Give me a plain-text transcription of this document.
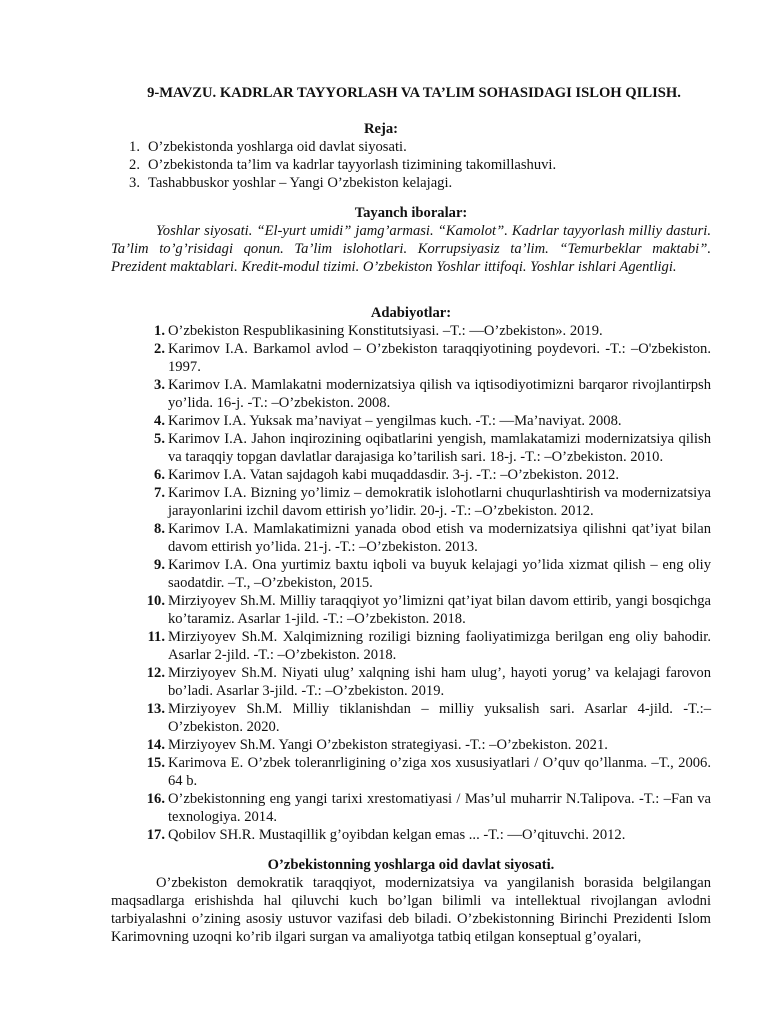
9-MAVZU. KADRLAR TAYYORLASH VA TA’LIM SOHASIDAGI ISLOH QILISH.
Reja:
1. O’zbekistonda yoshlarga oid davlat siyosati.
2. O’zbekistonda ta’lim va kadrlar tayyorlash tizimining takomillashuvi.
3. Tashabbuskor yoshlar – Yangi O’zbekiston kelajagi.
Tayanch iboralar:
Yoshlar siyosati. “El-yurt umidi” jamg’armasi. “Kamolot”. Kadrlar tayyorlash milliy dasturi. Ta’lim to’g’risidagi qonun. Ta’lim islohotlari. Korrupsiyasiz ta’lim. “Temurbeklar maktabi”. Prezident maktablari. Kredit-modul tizimi. O’zbekiston Yoshlar ittifoqi. Yoshlar ishlari Agentligi.
Adabiyotlar:
1. O’zbekiston Respublikasining Konstitutsiyasi. –T.: —O’zbekiston». 2019.
2. Karimov I.A. Barkamol avlod – O’zbekiston taraqqiyotining poydevori. -T.: –O'zbekiston. 1997.
3. Karimov I.A. Mamlakatni modernizatsiya qilish va iqtisodiyotimizni barqaror rivojlantirpsh yo’lida. 16-j. -T.: –O’zbekiston. 2008.
4. Karimov I.A. Yuksak ma’naviyat – yengilmas kuch. -T.: —Ma’naviyat. 2008.
5. Karimov I.A. Jahon inqirozining oqibatlarini yengish, mamlakatamizi modernizatsiya qilish va taraqqiy topgan davlatlar darajasiga ko’tarilish sari. 18-j. -T.: –O’zbekiston. 2010.
6. Karimov I.A. Vatan sajdagoh kabi muqaddasdir. 3-j. -T.: –O’zbekiston. 2012.
7. Karimov I.A. Bizning yo’limiz – demokratik islohotlarni chuqurlashtirish va modernizatsiya jarayonlarini izchil davom ettirish yo’lidir. 20-j. -T.: –O’zbekiston. 2012.
8. Karimov I.A. Mamlakatimizni yanada obod etish va modernizatsiya qilishni qat’iyat bilan davom ettirish yo’lida. 21-j. -T.: –O’zbekiston. 2013.
9. Karimov I.A. Ona yurtimiz baxtu iqboli va buyuk kelajagi yo’lida xizmat qilish – eng oliy saodatdir. –T., –O’zbekiston, 2015.
10. Mirziyoyev Sh.M. Milliy taraqqiyot yo’limizni qat’iyat bilan davom ettirib, yangi bosqichga ko’taramiz. Asarlar 1-jild. -T.: –O’zbekiston. 2018.
11. Mirziyoyev Sh.M. Xalqimizning roziligi bizning faoliyatimizga berilgan eng oliy bahodir. Asarlar 2-jild. -T.: –O’zbekiston. 2018.
12. Mirziyoyev Sh.M. Niyati ulug’ xalqning ishi ham ulug’, hayoti yorug’ va kelajagi farovon bo’ladi. Asarlar 3-jild. -T.: –O’zbekiston. 2019.
13. Mirziyoyev Sh.M. Milliy tiklanishdan – milliy yuksalish sari. Asarlar 4-jild. -T.:–O’zbekiston. 2020.
14. Mirziyoyev Sh.M. Yangi O’zbekiston strategiyasi. -T.: –O’zbekiston. 2021.
15. Karimova E. O’zbek toleranrligining o’ziga xos xususiyatlari / O’quv qo’llanma. –T., 2006. 64 b.
16. O’zbekistonning eng yangi tarixi xrestomatiyasi / Mas’ul muharrir N.Talipova. -T.: –Fan va texnologiya. 2014.
17. Qobilov SH.R. Mustaqillik g’oyibdan kelgan emas ... -T.: —O’qituvchi. 2012.
O’zbekistonning yoshlarga oid davlat siyosati.
O’zbekiston demokratik taraqqiyot, modernizatsiya va yangilanish borasida belgilangan maqsadlarga erishishda hal qiluvchi kuch bo’lgan bilimli va intellektual rivojlangan avlodni tarbiyalashni o’zining asosiy ustuvor vazifasi deb biladi. O’zbekistonning Birinchi Prezidenti Islom Karimovning uzoqni ko’rib ilgari surgan va amaliyotga tatbiq etilgan konseptual g’oyalari,
